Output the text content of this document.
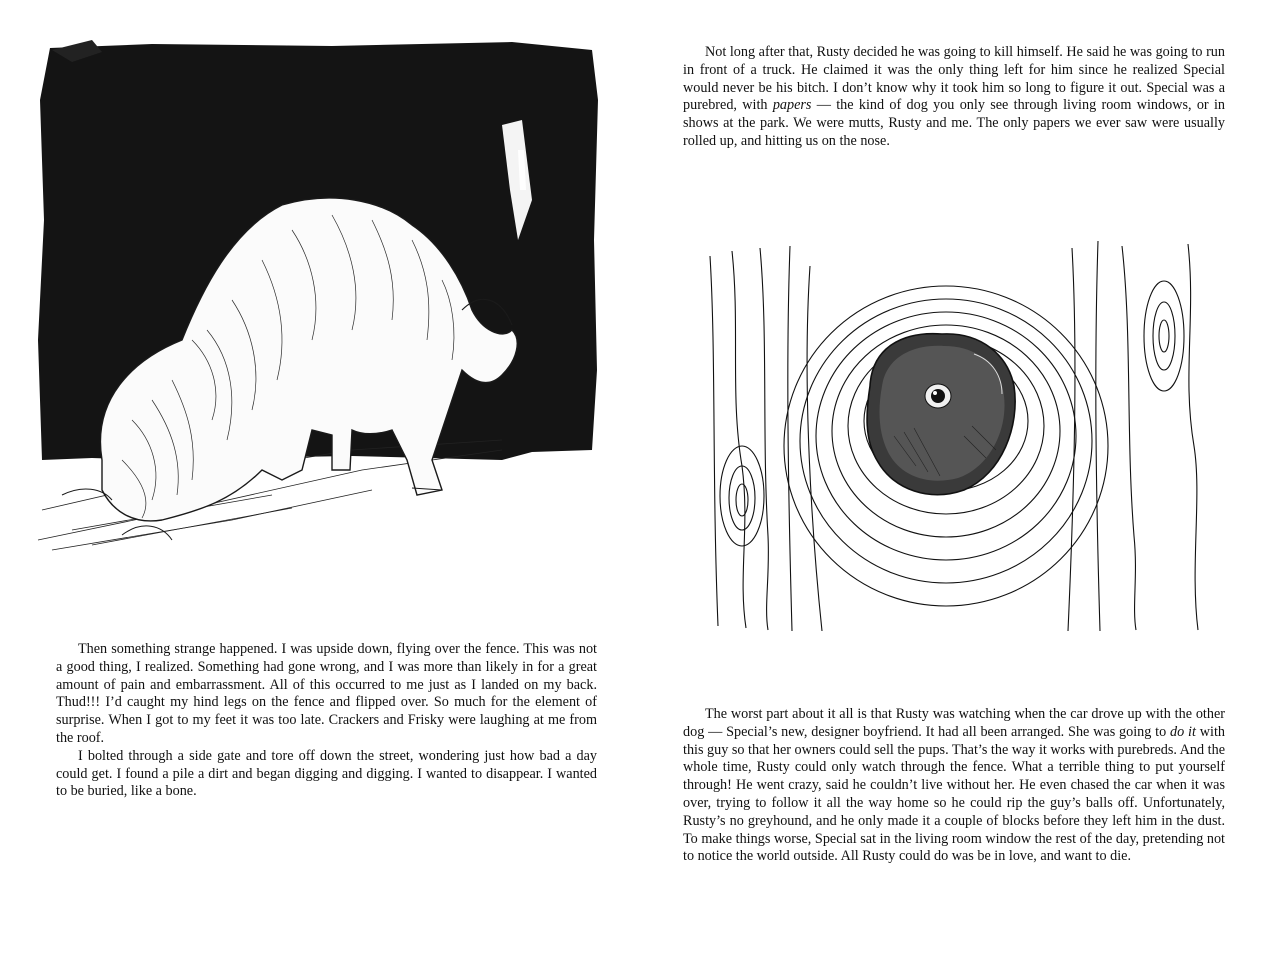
Then something strange happened. I was upside down, flying over the fence. This was not a good thing, I realized. Something had gone wrong, and I was more than likely in for a great amount of pain and embarrassment. All of this occurred to me just as I landed on my back. Thud!!! I’d caught my hind legs on the fence and flipped over. So much for the element of surprise. When I got to my feet it was too late. Crackers and Frisky were laughing at me from the roof.

I bolted through a side gate and tore off down the street, wondering just how bad a day could get. I found a pile a dirt and began digging and digging. I wanted to disappear. I wanted to be buried, like a bone.

Not long after that, Rusty decided he was going to kill himself. He said he was going to run in front of a truck. He claimed it was the only thing left for him since he realized Special would never be his bitch. I don’t know why it took him so long to figure it out. Special was a purebred, with papers — the kind of dog you only see through living room windows, or in shows at the park. We were mutts, Rusty and me. The only papers we ever saw were usually rolled up, and hitting us on the nose.

The worst part about it all is that Rusty was watching when the car drove up with the other dog — Special’s new, designer boyfriend. It had all been arranged. She was going to do it with this guy so that her owners could sell the pups. That’s the way it works with purebreds. And the whole time, Rusty could only watch through the fence. What a terrible thing to put yourself through! He went crazy, said he couldn’t live without her. He even chased the car when it was over, trying to follow it all the way home so he could rip the guy’s balls off. Unfortunately, Rusty’s no greyhound, and he only made it a couple of blocks before they left him in the dust. To make things worse, Special sat in the living room window the rest of the day, pretending not to notice the world outside. All Rusty could do was be in love, and want to die.
